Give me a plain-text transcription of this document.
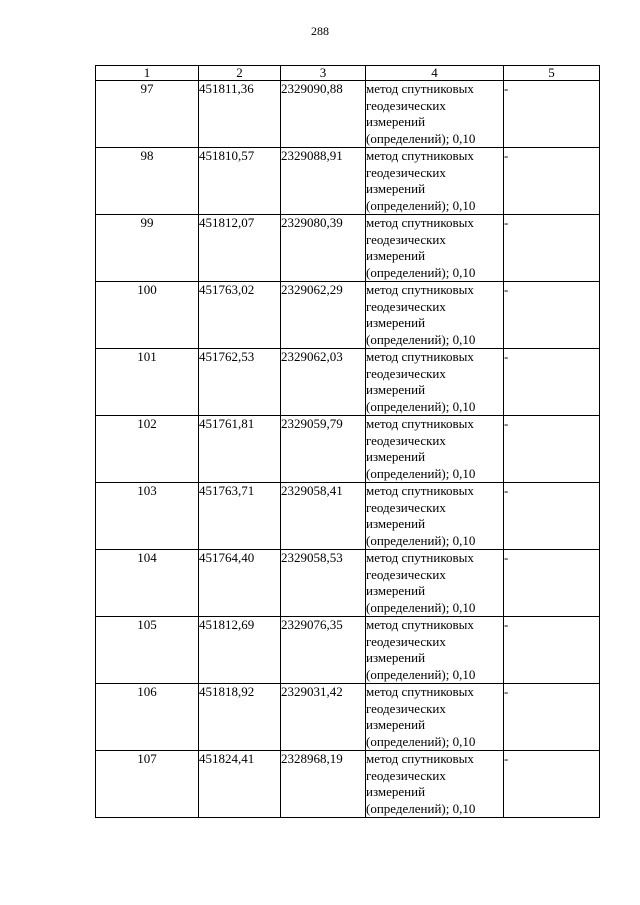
288
1	2	3	4	5
97	451811,36	2329090,88	метод спутниковых
геодезических
измерений
(определений); 0,10	-
98	451810,57	2329088,91	метод спутниковых
геодезических
измерений
(определений); 0,10	-
99	451812,07	2329080,39	метод спутниковых
геодезических
измерений
(определений); 0,10	-
100	451763,02	2329062,29	метод спутниковых
геодезических
измерений
(определений); 0,10	-
101	451762,53	2329062,03	метод спутниковых
геодезических
измерений
(определений); 0,10	-
102	451761,81	2329059,79	метод спутниковых
геодезических
измерений
(определений); 0,10	-
103	451763,71	2329058,41	метод спутниковых
геодезических
измерений
(определений); 0,10	-
104	451764,40	2329058,53	метод спутниковых
геодезических
измерений
(определений); 0,10	-
105	451812,69	2329076,35	метод спутниковых
геодезических
измерений
(определений); 0,10	-
106	451818,92	2329031,42	метод спутниковых
геодезических
измерений
(определений); 0,10	-
107	451824,41	2328968,19	метод спутниковых
геодезических
измерений
(определений); 0,10	-
